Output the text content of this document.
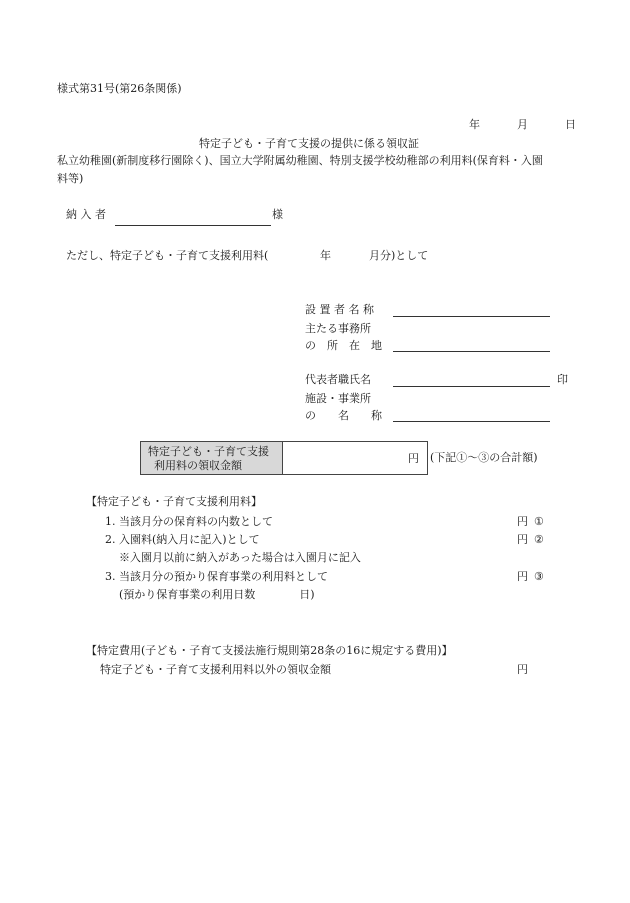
様式第31号(第26条関係)
年	月	日
特定子ども・子育て支援の提供に係る領収証
私立幼稚園(新制度移行園除く)、国立大学附属幼稚園、特別支援学校幼稚部の利用料(保育料・入園
料等)
納 入 者	様
ただし、特定子ども・子育て支援利用料(	年	月分)として
設 置 者 名 称
主たる事務所
の　所　在　地
代表者職氏名	印
施設・事業所
の　　名　　称
特定子ども・子育て支援
利用料の領収金額
円 (下記①〜③の合計額)
【特定子ども・子育て支援利用料】
1. 当該月分の保育料の内数として	円 ①
2. 入園料(納入月に記入)として	円 ②
※入園月以前に納入があった場合は入園月に記入
3. 当該月分の預かり保育事業の利用料として	円 ③
(預かり保育事業の利用日数　　　　日)
【特定費用(子ども・子育て支援法施行規則第28条の16に規定する費用)】
特定子ども・子育て支援利用料以外の領収金額	円
